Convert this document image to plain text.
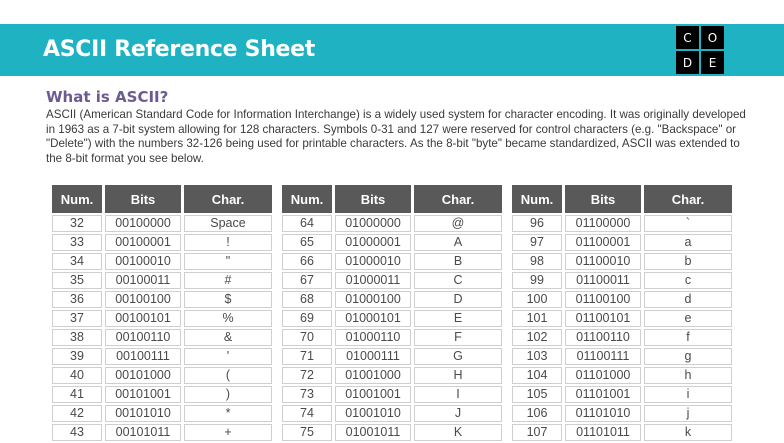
ASCII Reference Sheet	C	O
D	E
What is ASCII?

ASCII (American Standard Code for Information Interchange) is a widely used system for character encoding. It was originally developed in 1963 as a 7-bit system allowing for 128 characters. Symbols 0-31 and 127 were reserved for control characters (e.g. "Backspace" or "Delete") with the numbers 32-126 being used for printable characters. As the 8-bit "byte" became standardized, ASCII was extended to the 8-bit format you see below.

Num.	Bits	Char.
32	00100000	Space
33	00100001	!
34	00100010	"
35	00100011	#
36	00100100	$
37	00100101	%
38	00100110	&
39	00100111	'
40	00101000	(
41	00101001	)
42	00101010	*
43	00101011	+
Num.	Bits	Char.
64	01000000	@
65	01000001	A
66	01000010	B
67	01000011	C
68	01000100	D
69	01000101	E
70	01000110	F
71	01000111	G
72	01001000	H
73	01001001	I
74	01001010	J
75	01001011	K
Num.	Bits	Char.
96	01100000	`
97	01100001	a
98	01100010	b
99	01100011	c
100	01100100	d
101	01100101	e
102	01100110	f
103	01100111	g
104	01101000	h
105	01101001	i
106	01101010	j
107	01101011	k
